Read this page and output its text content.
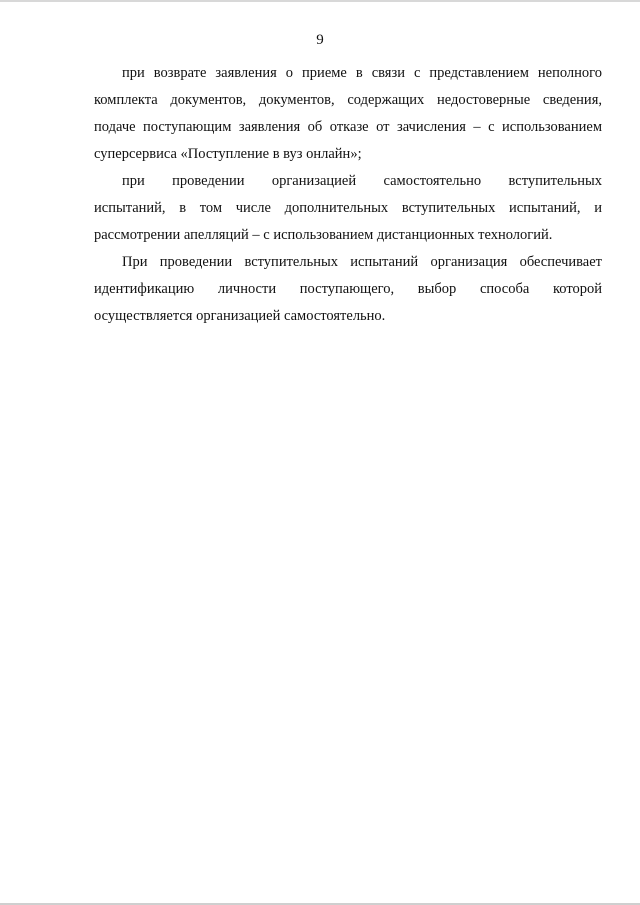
9
при возврате заявления о приеме в связи с представлением неполного
комплекта документов, документов, содержащих недостоверные сведения,
подаче поступающим заявления об отказе от зачисления – с использованием
суперсервиса «Поступление в вуз онлайн»;
при проведении организацией самостоятельно вступительных
испытаний, в том числе дополнительных вступительных испытаний, и
рассмотрении апелляций – с использованием дистанционных технологий.
При проведении вступительных испытаний организация обеспечивает
идентификацию личности поступающего, выбор способа которой
осуществляется организацией самостоятельно.
